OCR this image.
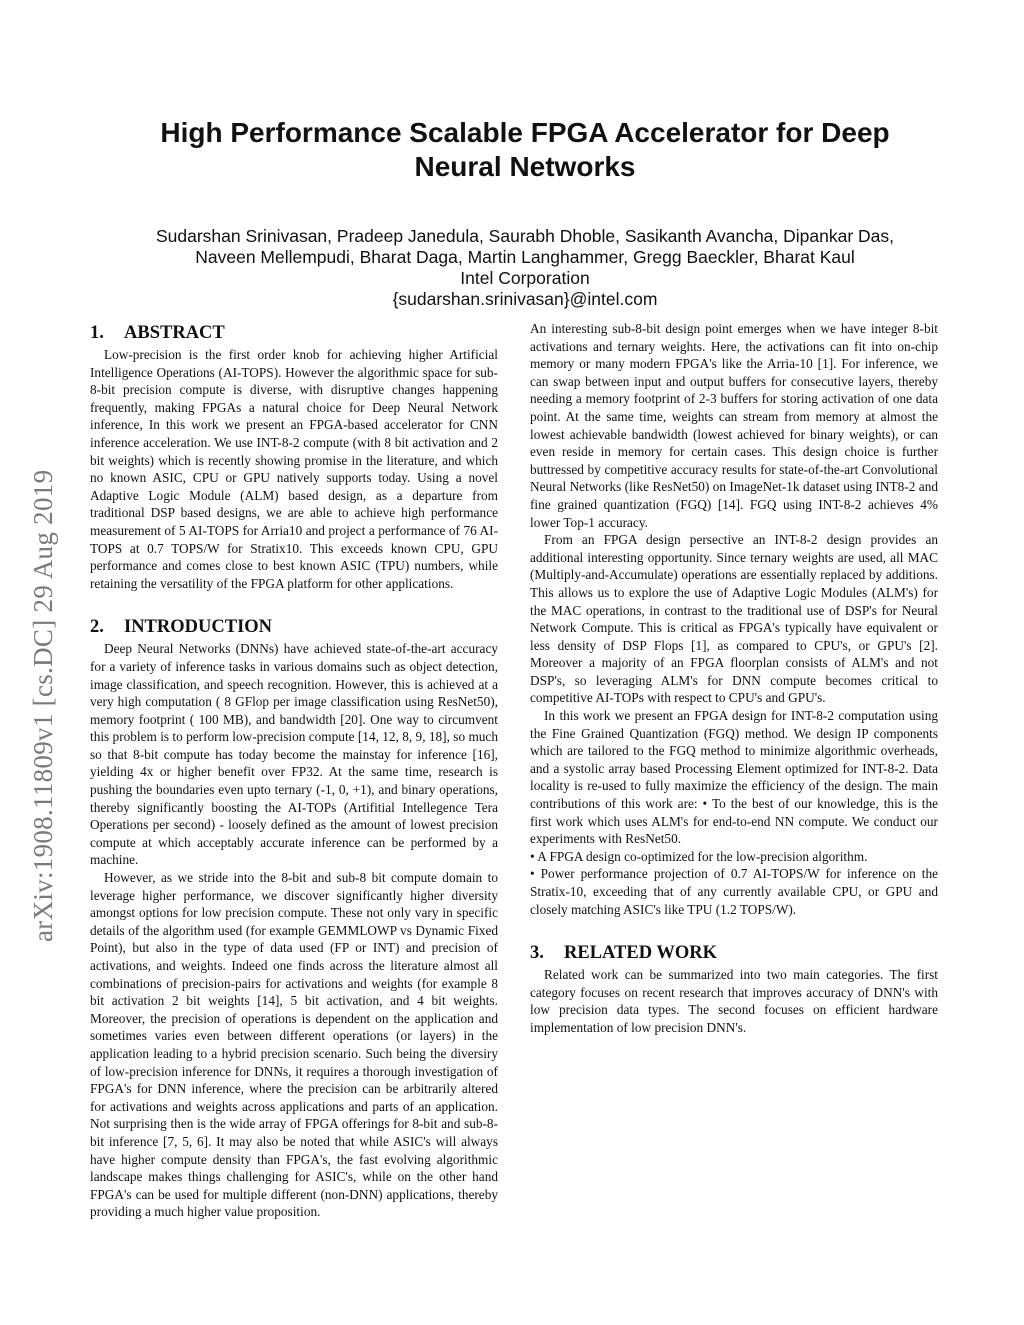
High Performance Scalable FPGA Accelerator for Deep
Neural Networks
Sudarshan Srinivasan, Pradeep Janedula, Saurabh Dhoble, Sasikanth Avancha, Dipankar Das,
Naveen Mellempudi, Bharat Daga, Martin Langhammer, Gregg Baeckler, Bharat Kaul
Intel Corporation
{sudarshan.srinivasan}@intel.com
arXiv:1908.11809v1 [cs.DC] 29 Aug 2019
1. ABSTRACT

Low-precision is the first order knob for achieving higher Artificial Intelligence Operations (AI-TOPS). However the algorithmic space for sub-8-bit precision compute is diverse, with disruptive changes happening frequently, making FPGAs a natural choice for Deep Neural Network inference, In this work we present an FPGA-based accelerator for CNN inference acceleration. We use INT-8-2 compute (with 8 bit activation and 2 bit weights) which is recently showing promise in the literature, and which no known ASIC, CPU or GPU natively supports today. Using a novel Adaptive Logic Module (ALM) based design, as a departure from traditional DSP based designs, we are able to achieve high performance measurement of 5 AI-TOPS for Arria10 and project a performance of 76 AI-TOPS at 0.7 TOPS/W for Stratix10. This exceeds known CPU, GPU performance and comes close to best known ASIC (TPU) numbers, while retaining the versatility of the FPGA platform for other applications.

2. INTRODUCTION

Deep Neural Networks (DNNs) have achieved state-of-the-art accuracy for a variety of inference tasks in various domains such as object detection, image classification, and speech recognition. However, this is achieved at a very high computation ( 8 GFlop per image classification using ResNet50), memory footprint ( 100 MB), and bandwidth [20]. One way to circumvent this problem is to perform low-precision compute [14, 12, 8, 9, 18], so much so that 8-bit compute has today become the mainstay for inference [16], yielding 4x or higher benefit over FP32. At the same time, research is pushing the boundaries even upto ternary (-1, 0, +1), and binary operations, thereby significantly boosting the AI-TOPs (Artifitial Intellegence Tera Operations per second) - loosely defined as the amount of lowest precision compute at which acceptably accurate inference can be performed by a machine.

However, as we stride into the 8-bit and sub-8 bit compute domain to leverage higher performance, we discover significantly higher diversity amongst options for low precision compute. These not only vary in specific details of the algorithm used (for example GEMMLOWP vs Dynamic Fixed Point), but also in the type of data used (FP or INT) and precision of activations, and weights. Indeed one finds across the literature almost all combinations of precision-pairs for activations and weights (for example 8 bit activation 2 bit weights [14], 5 bit activation, and 4 bit weights. Moreover, the precision of operations is dependent on the application and sometimes varies even between different operations (or layers) in the application leading to a hybrid precision scenario. Such being the diversiry of low-precision inference for DNNs, it requires a thorough investigation of FPGA's for DNN inference, where the precision can be arbitrarily altered for activations and weights across applications and parts of an application. Not surprising then is the wide array of FPGA offerings for 8-bit and sub-8-bit inference [7, 5, 6]. It may also be noted that while ASIC's will always have higher compute density than FPGA's, the fast evolving algorithmic landscape makes things challenging for ASIC's, while on the other hand FPGA's can be used for multiple different (non-DNN) applications, thereby providing a much higher value proposition.

An interesting sub-8-bit design point emerges when we have integer 8-bit activations and ternary weights. Here, the activations can fit into on-chip memory or many modern FPGA's like the Arria-10 [1]. For inference, we can swap between input and output buffers for consecutive layers, thereby needing a memory footprint of 2-3 buffers for storing activation of one data point. At the same time, weights can stream from memory at almost the lowest achievable bandwidth (lowest achieved for binary weights), or can even reside in memory for certain cases. This design choice is further buttressed by competitive accuracy results for state-of-the-art Convolutional Neural Networks (like ResNet50) on ImageNet-1k dataset using INT8-2 and fine grained quantization (FGQ) [14]. FGQ using INT-8-2 achieves 4% lower Top-1 accuracy.

From an FPGA design persective an INT-8-2 design provides an additional interesting opportunity. Since ternary weights are used, all MAC (Multiply-and-Accumulate) operations are essentially replaced by additions. This allows us to explore the use of Adaptive Logic Modules (ALM's) for the MAC operations, in contrast to the traditional use of DSP's for Neural Network Compute. This is critical as FPGA's typically have equivalent or less density of DSP Flops [1], as compared to CPU's, or GPU's [2]. Moreover a majority of an FPGA floorplan consists of ALM's and not DSP's, so leveraging ALM's for DNN compute becomes critical to competitive AI-TOPs with respect to CPU's and GPU's.

In this work we present an FPGA design for INT-8-2 computation using the Fine Grained Quantization (FGQ) method. We design IP components which are tailored to the FGQ method to minimize algorithmic overheads, and a systolic array based Processing Element optimized for INT-8-2. Data locality is re-used to fully maximize the efficiency of the design. The main contributions of this work are: • To the best of our knowledge, this is the first work which uses ALM's for end-to-end NN compute. We conduct our experiments with ResNet50.

• A FPGA design co-optimized for the low-precision algorithm.

• Power performance projection of 0.7 AI-TOPS/W for inference on the Stratix-10, exceeding that of any currently available CPU, or GPU and closely matching ASIC's like TPU (1.2 TOPS/W).

3. RELATED WORK

Related work can be summarized into two main categories. The first category focuses on recent research that improves accuracy of DNN's with low precision data types. The second focuses on efficient hardware implementation of low precision DNN's.
